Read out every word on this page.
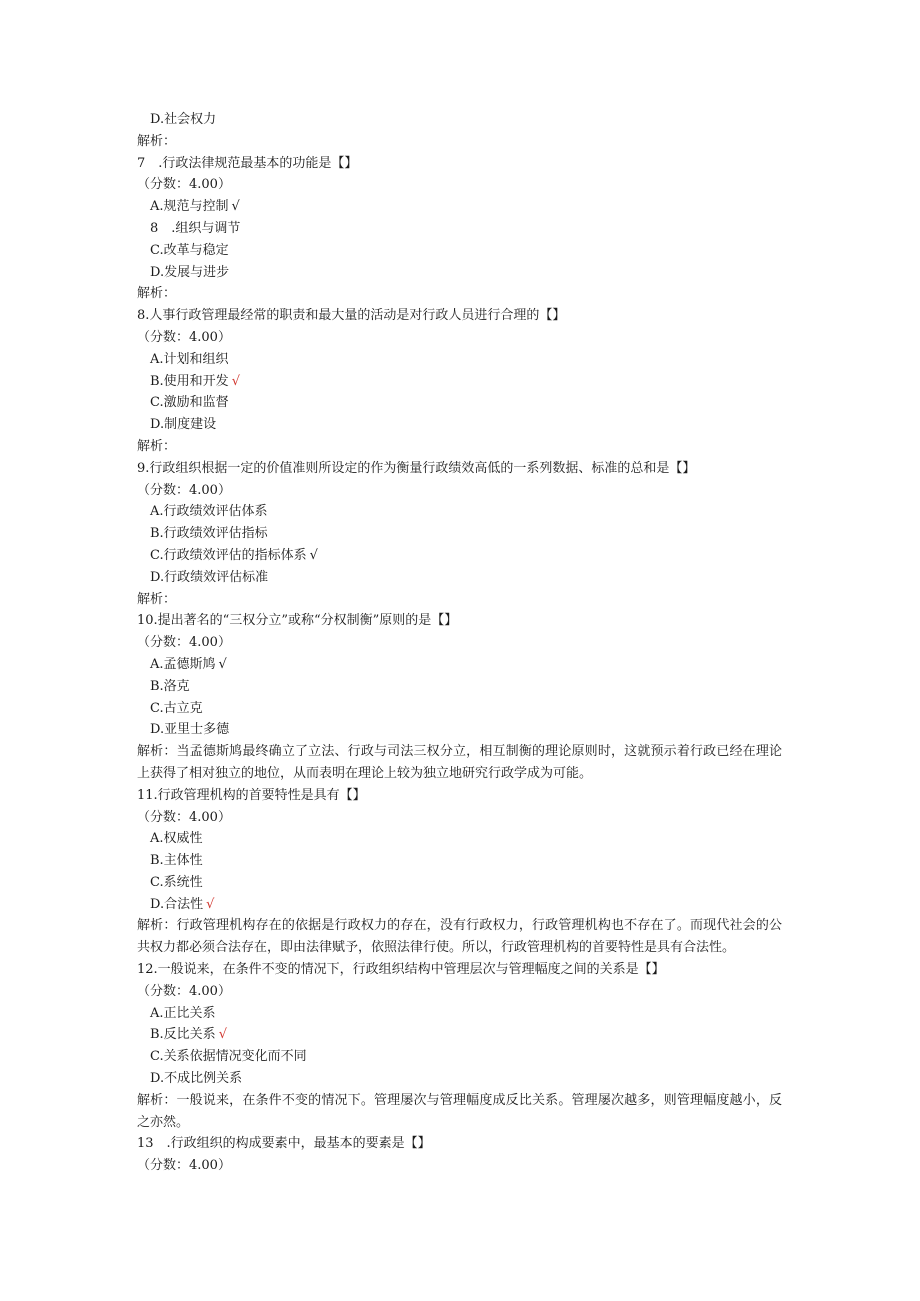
D.社会权力
解析：
7　.行政法律规范最基本的功能是【】
（分数：4.00）
A.规范与控制 √
8　.组织与调节
C.改革与稳定
D.发展与进步
解析：
8.人事行政管理最经常的职责和最大量的活动是对行政人员进行合理的【】
（分数：4.00）
A.计划和组织
B.使用和开发 √
C.激励和监督
D.制度建设
解析：
9.行政组织根据一定的价值准则所设定的作为衡量行政绩效高低的一系列数据、标准的总和是【】
（分数：4.00）
A.行政绩效评估体系
B.行政绩效评估指标
C.行政绩效评估的指标体系 √
D.行政绩效评估标准
解析：
10.提出著名的“三权分立”或称“分权制衡”原则的是【】
（分数：4.00）
A.孟德斯鸠 √
B.洛克
C.古立克
D.亚里士多德
解析：当孟德斯鸠最终确立了立法、行政与司法三权分立，相互制衡的理论原则时，这就预示着行政已经在理论上获得了相对独立的地位，从而表明在理论上较为独立地研究行政学成为可能。
11.行政管理机构的首要特性是具有【】
（分数：4.00）
A.权威性
B.主体性
C.系统性
D.合法性 √
解析：行政管理机构存在的依据是行政权力的存在，没有行政权力，行政管理机构也不存在了。而现代社会的公共权力都必须合法存在，即由法律赋予，依照法律行使。所以，行政管理机构的首要特性是具有合法性。
12.一般说来，在条件不变的情况下，行政组织结构中管理层次与管理幅度之间的关系是【】
（分数：4.00）
A.正比关系
B.反比关系 √
C.关系依据情况变化而不同
D.不成比例关系
解析：一般说来，在条件不变的情况下。管理屡次与管理幅度成反比关系。管理屡次越多，则管理幅度越小，反之亦然。
13　.行政组织的构成要素中，最基本的要素是【】
（分数：4.00）
